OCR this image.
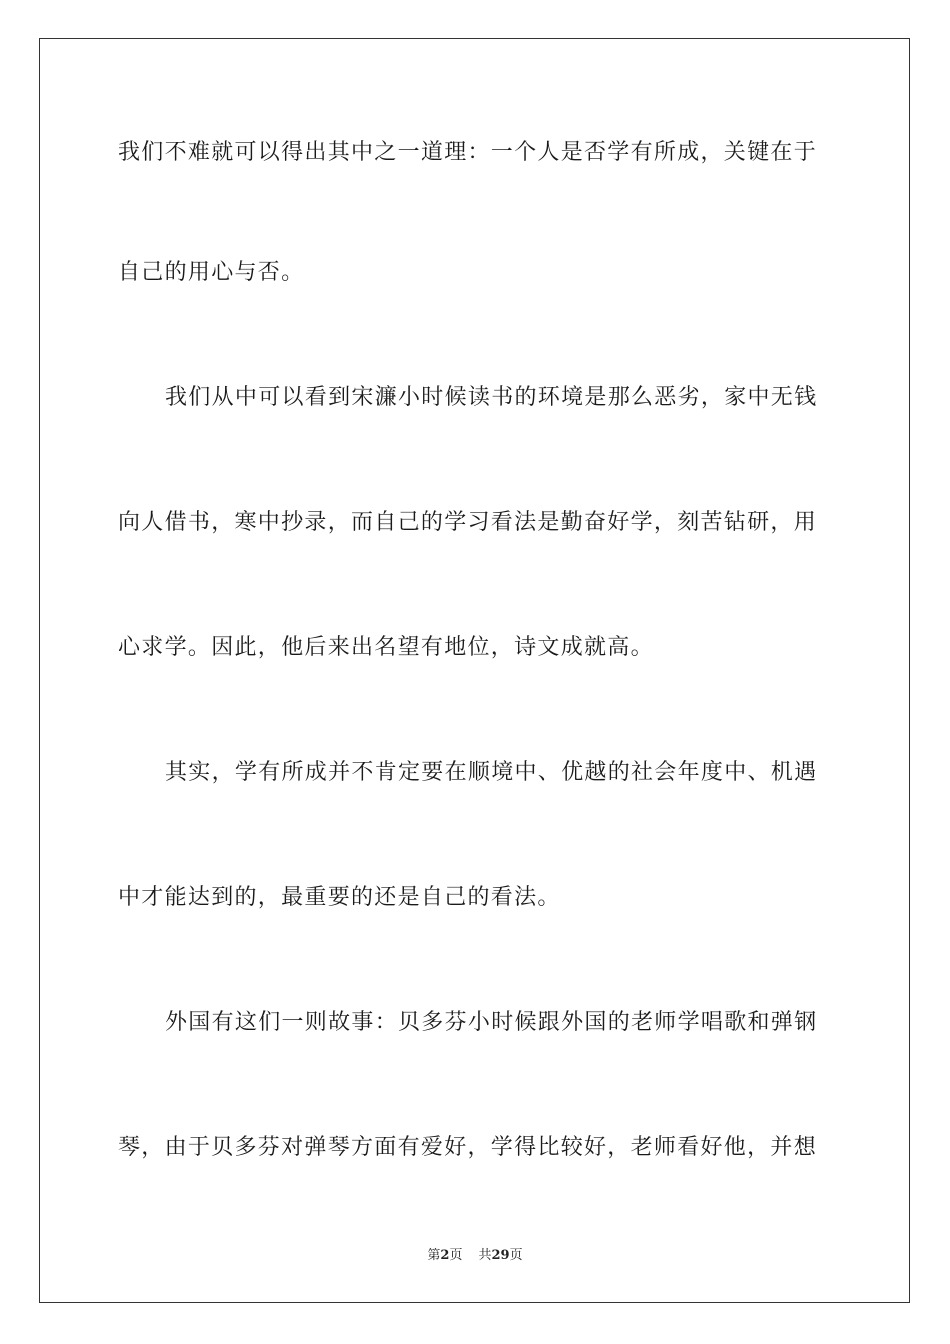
我们不难就可以得出其中之一道理：一个人是否学有所成，关键在于
自己的用心与否。
我们从中可以看到宋濂小时候读书的环境是那么恶劣，家中无钱
向人借书，寒中抄录，而自己的学习看法是勤奋好学，刻苦钻研，用
心求学。因此，他后来出名望有地位，诗文成就高。
其实，学有所成并不肯定要在顺境中、优越的社会年度中、机遇
中才能达到的，最重要的还是自己的看法。
外国有这们一则故事：贝多芬小时候跟外国的老师学唱歌和弹钢
琴，由于贝多芬对弹琴方面有爱好，学得比较好，老师看好他，并想
第2页 共29页
